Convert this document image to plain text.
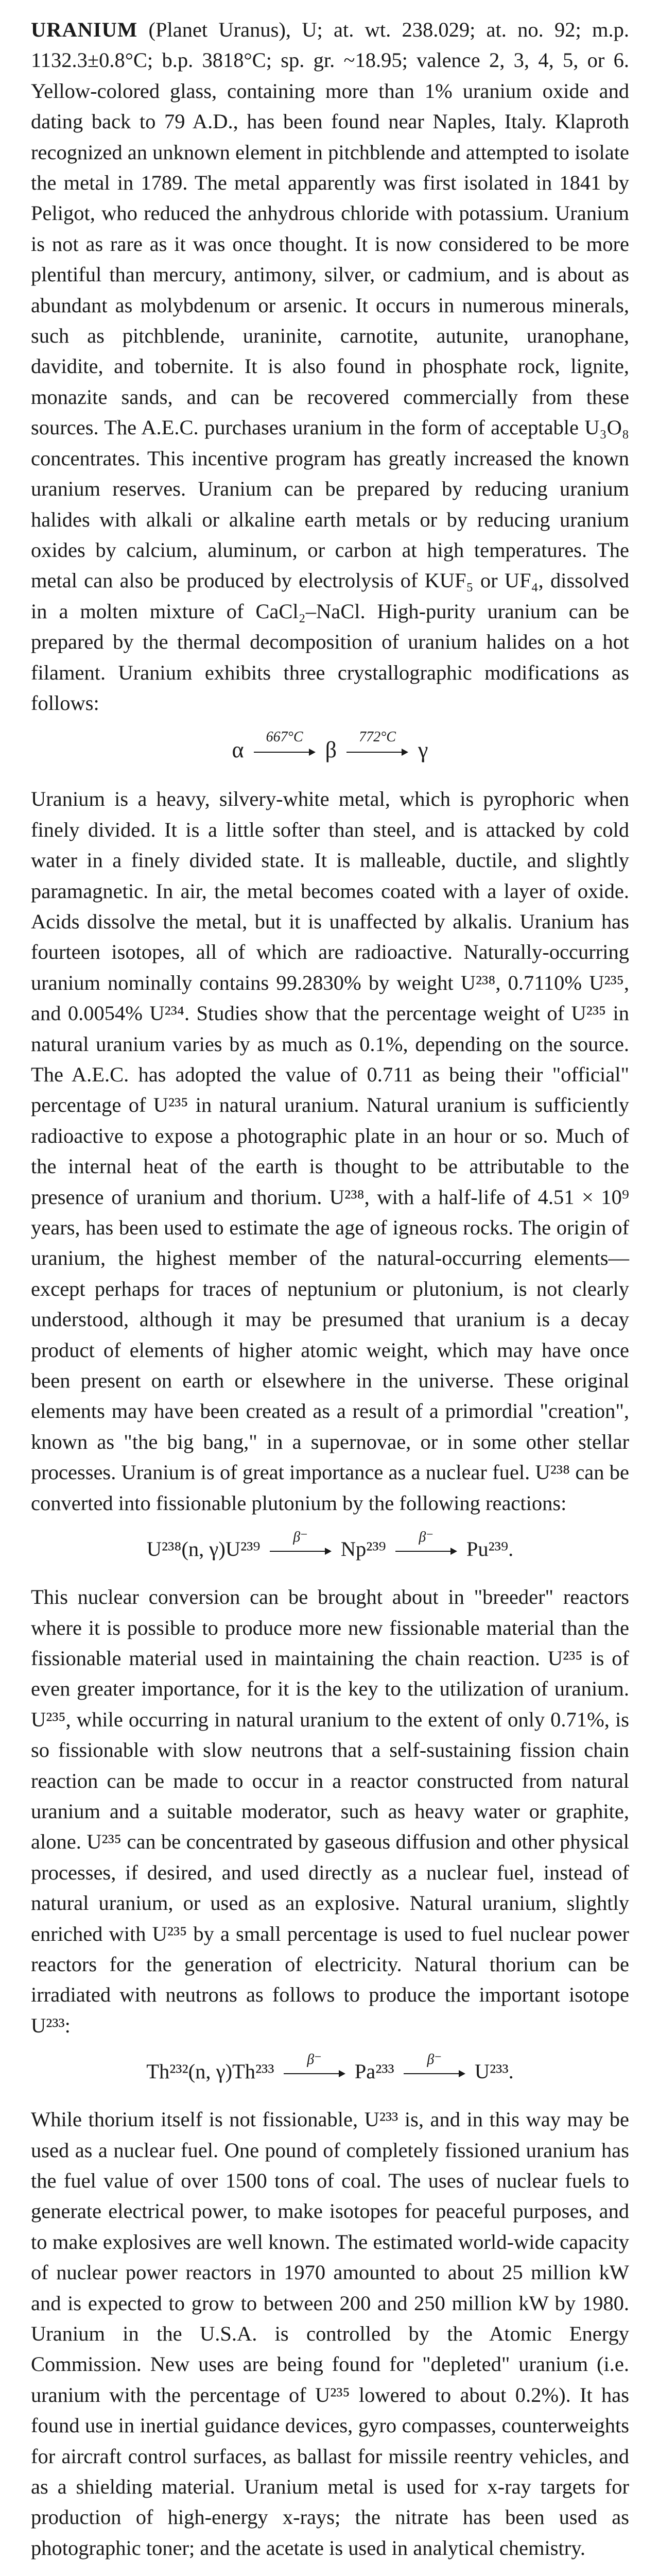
URANIUM (Planet Uranus), U; at. wt. 238.029; at. no. 92; m.p. 1132.3±0.8°C; b.p. 3818°C; sp. gr. ~18.95; valence 2, 3, 4, 5, or 6. Yellow-colored glass, containing more than 1% uranium oxide and dating back to 79 A.D., has been found near Naples, Italy. Klaproth recognized an unknown element in pitchblende and attempted to isolate the metal in 1789. The metal apparently was first isolated in 1841 by Peligot, who reduced the anhydrous chloride with potassium. Uranium is not as rare as it was once thought. It is now considered to be more plentiful than mercury, antimony, silver, or cadmium, and is about as abundant as molybdenum or arsenic. It occurs in numerous minerals, such as pitchblende, uraninite, carnotite, autunite, uranophane, davidite, and tobernite. It is also found in phosphate rock, lignite, monazite sands, and can be recovered commercially from these sources. The A.E.C. purchases uranium in the form of acceptable U₃O₈ concentrates. This incentive program has greatly increased the known uranium reserves. Uranium can be prepared by reducing uranium halides with alkali or alkaline earth metals or by reducing uranium oxides by calcium, aluminum, or carbon at high temperatures. The metal can also be produced by electrolysis of KUF₅ or UF₄, dissolved in a molten mixture of CaCl₂–NaCl. High-purity uranium can be prepared by the thermal decomposition of uranium halides on a hot filament. Uranium exhibits three crystallographic modifications as follows:

α
667°C
β
772°C
γ

Uranium is a heavy, silvery-white metal, which is pyrophoric when finely divided. It is a little softer than steel, and is attacked by cold water in a finely divided state. It is malleable, ductile, and slightly paramagnetic. In air, the metal becomes coated with a layer of oxide. Acids dissolve the metal, but it is unaffected by alkalis. Uranium has fourteen isotopes, all of which are radioactive. Naturally-occurring uranium nominally contains 99.2830% by weight U²³⁸, 0.7110% U²³⁵, and 0.0054% U²³⁴. Studies show that the percentage weight of U²³⁵ in natural uranium varies by as much as 0.1%, depending on the source. The A.E.C. has adopted the value of 0.711 as being their "official" percentage of U²³⁵ in natural uranium. Natural uranium is sufficiently radioactive to expose a photographic plate in an hour or so. Much of the internal heat of the earth is thought to be attributable to the presence of uranium and thorium. U²³⁸, with a half-life of 4.51 × 10⁹ years, has been used to estimate the age of igneous rocks. The origin of uranium, the highest member of the natural-occurring elements—except perhaps for traces of neptunium or plutonium, is not clearly understood, although it may be presumed that uranium is a decay product of elements of higher atomic weight, which may have once been present on earth or elsewhere in the universe. These original elements may have been created as a result of a primordial "creation", known as "the big bang," in a supernovae, or in some other stellar processes. Uranium is of great importance as a nuclear fuel. U²³⁸ can be converted into fissionable plutonium by the following reactions:

U²³⁸(n, γ)U²³⁹
β⁻
Np²³⁹
β⁻
Pu²³⁹.

This nuclear conversion can be brought about in "breeder" reactors where it is possible to produce more new fissionable material than the fissionable material used in maintaining the chain reaction. U²³⁵ is of even greater importance, for it is the key to the utilization of uranium. U²³⁵, while occurring in natural uranium to the extent of only 0.71%, is so fissionable with slow neutrons that a self-sustaining fission chain reaction can be made to occur in a reactor constructed from natural uranium and a suitable moderator, such as heavy water or graphite, alone. U²³⁵ can be concentrated by gaseous diffusion and other physical processes, if desired, and used directly as a nuclear fuel, instead of natural uranium, or used as an explosive. Natural uranium, slightly enriched with U²³⁵ by a small percentage is used to fuel nuclear power reactors for the generation of electricity. Natural thorium can be irradiated with neutrons as follows to produce the important isotope U²³³:

Th²³²(n, γ)Th²³³
β⁻
Pa²³³
β⁻
U²³³.

While thorium itself is not fissionable, U²³³ is, and in this way may be used as a nuclear fuel. One pound of completely fissioned uranium has the fuel value of over 1500 tons of coal. The uses of nuclear fuels to generate electrical power, to make isotopes for peaceful purposes, and to make explosives are well known. The estimated world-wide capacity of nuclear power reactors in 1970 amounted to about 25 million kW and is expected to grow to between 200 and 250 million kW by 1980. Uranium in the U.S.A. is controlled by the Atomic Energy Commission. New uses are being found for "depleted" uranium (i.e. uranium with the percentage of U²³⁵ lowered to about 0.2%). It has found use in inertial guidance devices, gyro compasses, counterweights for aircraft control surfaces, as ballast for missile reentry vehicles, and as a shielding material. Uranium metal is used for x-ray targets for production of high-energy x-rays; the nitrate has been used as photographic toner; and the acetate is used in analytical chemistry.
